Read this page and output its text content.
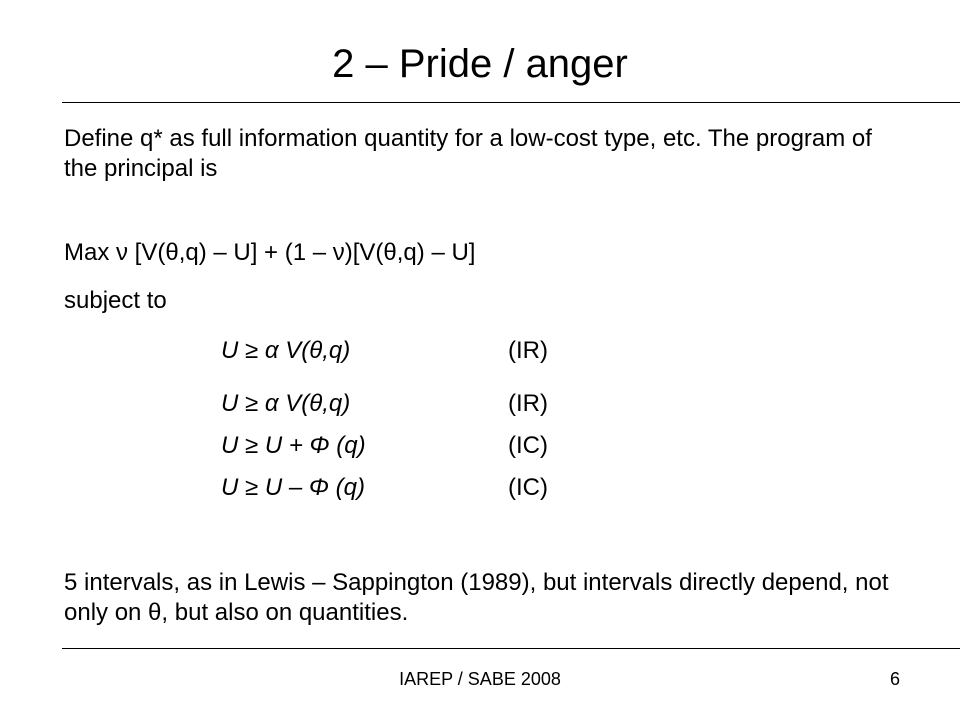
2 – Pride / anger
Define q* as full information quantity for a low-cost type, etc. The program of the principal is
Max ν [V(θ,q) – U] + (1 – ν)[V(θ,q) – U]
subject to
U ≥ α V(θ,q)	(IR)
U ≥ α V(θ,q)	(IR)
U ≥ U + Φ (q)	(IC)
U ≥ U – Φ (q)	(IC)
5 intervals, as in Lewis – Sappington (1989), but intervals directly depend, not only on θ, but also on quantities.
IAREP / SABE 2008	6
